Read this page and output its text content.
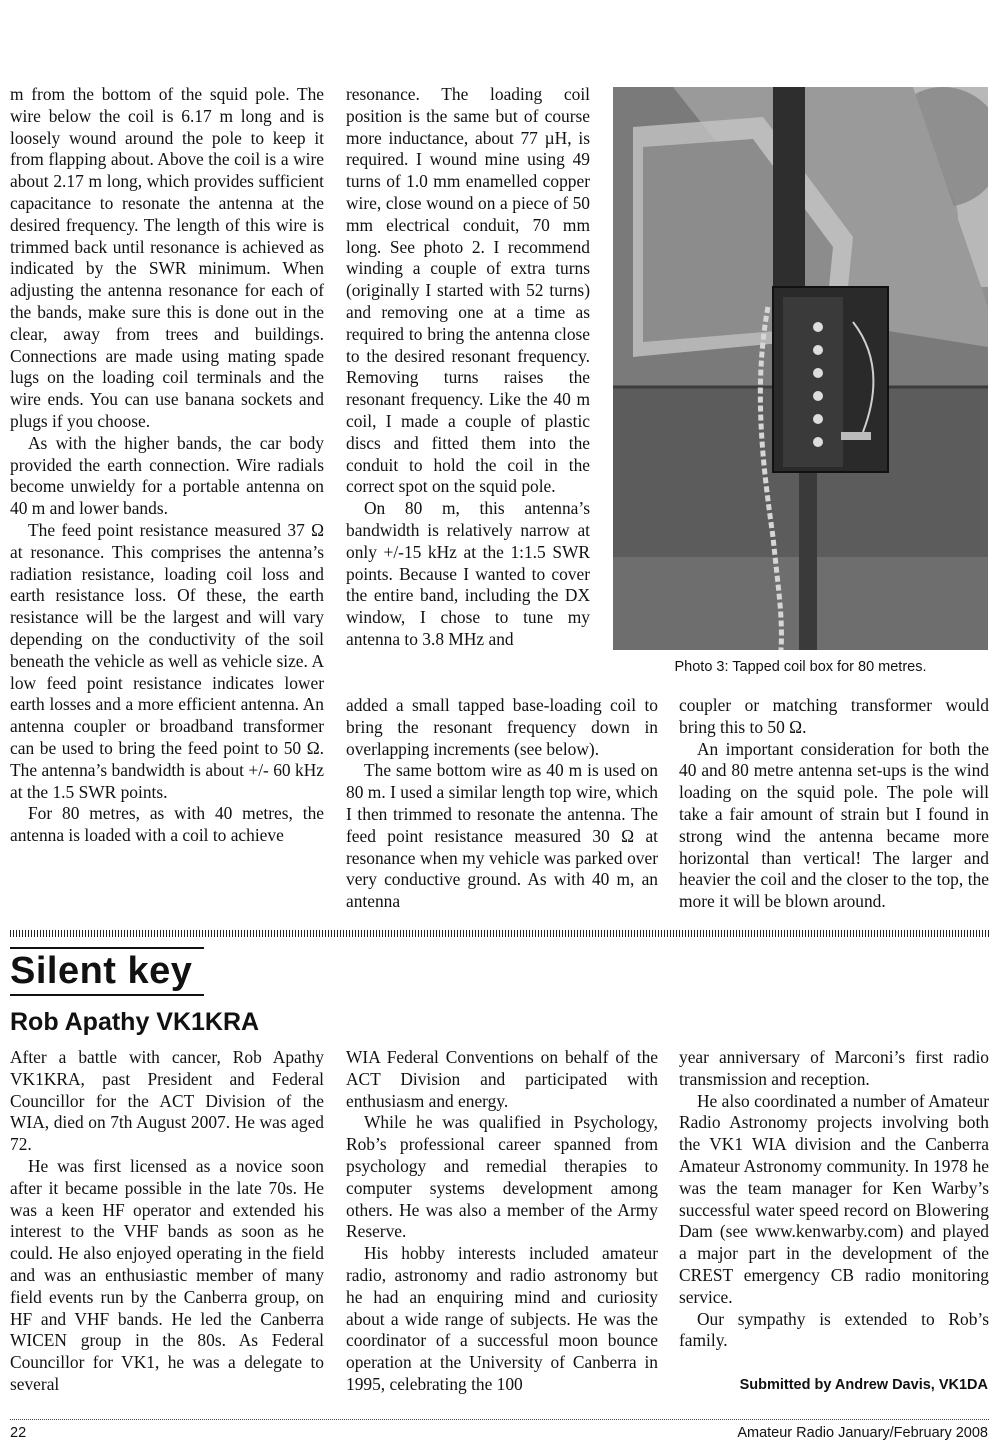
m from the bottom of the squid pole. The wire below the coil is 6.17 m long and is loosely wound around the pole to keep it from flapping about. Above the coil is a wire about 2.17 m long, which provides sufficient capacitance to resonate the antenna at the desired frequency. The length of this wire is trimmed back until resonance is achieved as indicated by the SWR minimum. When adjusting the antenna resonance for each of the bands, make sure this is done out in the clear, away from trees and buildings. Connections are made using mating spade lugs on the loading coil terminals and the wire ends. You can use banana sockets and plugs if you choose.

As with the higher bands, the car body provided the earth connection. Wire radials become unwieldy for a portable antenna on 40 m and lower bands.

The feed point resistance measured 37 Ω at resonance. This comprises the antenna’s radiation resistance, loading coil loss and earth resistance loss. Of these, the earth resistance will be the largest and will vary depending on the conductivity of the soil beneath the vehicle as well as vehicle size. A low feed point resistance indicates lower earth losses and a more efficient antenna. An antenna coupler or broadband transformer can be used to bring the feed point to 50 Ω. The antenna’s bandwidth is about +/- 60 kHz at the 1.5 SWR points.

For 80 metres, as with 40 metres, the antenna is loaded with a coil to achieve

resonance. The loading coil position is the same but of course more inductance, about 77 µH, is required. I wound mine using 49 turns of 1.0 mm enamelled copper wire, close wound on a piece of 50 mm electrical conduit, 70 mm long. See photo 2. I recommend winding a couple of extra turns (originally I started with 52 turns) and removing one at a time as required to bring the antenna close to the desired resonant frequency. Removing turns raises the resonant frequency. Like the 40 m coil, I made a couple of plastic discs and fitted them into the conduit to hold the coil in the correct spot on the squid pole.

On 80 m, this antenna’s bandwidth is relatively narrow at only +/-15 kHz at the 1:1.5 SWR points. Because I wanted to cover the entire band, including the DX window, I chose to tune my antenna to 3.8 MHz and

added a small tapped base-loading coil to bring the resonant frequency down in overlapping increments (see below).

The same bottom wire as 40 m is used on 80 m. I used a similar length top wire, which I then trimmed to resonate the antenna. The feed point resistance measured 30 Ω at resonance when my vehicle was parked over very conductive ground. As with 40 m, an antenna

coupler or matching transformer would bring this to 50 Ω.

An important consideration for both the 40 and 80 metre antenna set-ups is the wind loading on the squid pole. The pole will take a fair amount of strain but I found in strong wind the antenna became more horizontal than vertical! The larger and heavier the coil and the closer to the top, the more it will be blown around.

Photo 3: Tapped coil box for 80 metres.
Silent key
Rob Apathy VK1KRA

After a battle with cancer, Rob Apathy VK1KRA, past President and Federal Councillor for the ACT Division of the WIA, died on 7th August 2007. He was aged 72.

He was first licensed as a novice soon after it became possible in the late 70s. He was a keen HF operator and extended his interest to the VHF bands as soon as he could. He also enjoyed operating in the field and was an enthusiastic member of many field events run by the Canberra group, on HF and VHF bands. He led the Canberra WICEN group in the 80s. As Federal Councillor for VK1, he was a delegate to several

WIA Federal Conventions on behalf of the ACT Division and participated with enthusiasm and energy.

While he was qualified in Psychology, Rob’s professional career spanned from psychology and remedial therapies to computer systems development among others. He was also a member of the Army Reserve.

His hobby interests included amateur radio, astronomy and radio astronomy but he had an enquiring mind and curiosity about a wide range of subjects. He was the coordinator of a successful moon bounce operation at the University of Canberra in 1995, celebrating the 100

year anniversary of Marconi’s first radio transmission and reception.

He also coordinated a number of Amateur Radio Astronomy projects involving both the VK1 WIA division and the Canberra Amateur Astronomy community. In 1978 he was the team manager for Ken Warby’s successful water speed record on Blowering Dam (see www.kenwarby.com) and played a major part in the development of the CREST emergency CB radio monitoring service.

Our sympathy is extended to Rob’s family.

Submitted by Andrew Davis, VK1DA
22	Amateur Radio January/February 2008
